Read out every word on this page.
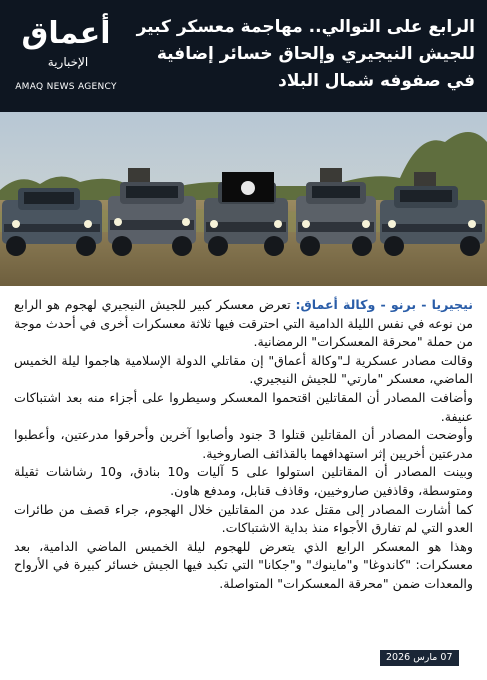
أعماق
الإخبارية
AMAQ NEWS AGENCY
الرابع على التوالي.. مهاجمة معسكر كبير للجيش النيجيري وإلحاق خسائر إضافية في صفوفه شمال البلاد

نيجيريا - برنو - وكالة أعماق: تعرض معسكر كبير للجيش النيجيري لهجوم هو الرابع من نوعه في نفس الليلة الدامية التي احترقت فيها ثلاثة معسكرات أخرى في أحدث موجة من حملة "محرقة المعسكرات" الرمضانية.

وقالت مصادر عسكرية لـ"وكالة أعماق" إن مقاتلي الدولة الإسلامية هاجموا ليلة الخميس الماضي، معسكر "مارتي" للجيش النيجيري.

وأضافت المصادر أن المقاتلين اقتحموا المعسكر وسيطروا على أجزاء منه بعد اشتباكات عنيفة.

وأوضحت المصادر أن المقاتلين قتلوا 3 جنود وأصابوا آخرين وأحرقوا مدرعتين، وأعطبوا مدرعتين أخريين إثر استهدافهما بالقذائف الصاروخية.

وبينت المصادر أن المقاتلين استولوا على 5 آليات و10 بنادق، و10 رشاشات ثقيلة ومتوسطة، وقاذفين صاروخيين، وقاذف قنابل، ومدفع هاون.

كما أشارت المصادر إلى مقتل عدد من المقاتلين خلال الهجوم، جراء قصف من طائرات العدو التي لم تفارق الأجواء منذ بداية الاشتباكات.

وهذا هو المعسكر الرابع الذي يتعرض للهجوم ليلة الخميس الماضي الدامية، بعد معسكرات: "كاندوغا" و"ماينوك" و"جكانا" التي تكبد فيها الجيش خسائر كبيرة في الأرواح والمعدات ضمن "محرقة المعسكرات" المتواصلة.

07 مارس 2026
